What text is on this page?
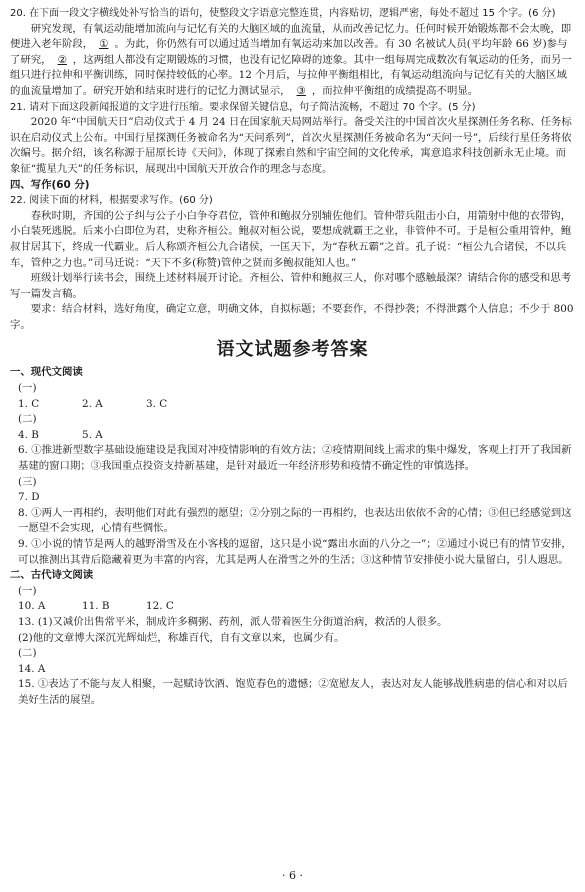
20. 在下面一段文字横线处补写恰当的语句，使整段文字语意完整连贯，内容贴切，逻辑严密，每处不超过 15 个字。(6 分)

研究发现，有氧运动能增加流向与记忆有关的大脑区域的血流量，从而改善记忆力。任何时候开始锻炼都不会太晚，即便进入老年阶段， ① 。为此，你仍然有可以通过适当增加有氧运动来加以改善。有 30 名被试人员(平均年龄 66 岁)参与了研究， ② ，这两组人都没有定期锻炼的习惯，也没有记忆障碍的迹象。其中一组每周完成数次有氧运动的任务，而另一组只进行拉伸和平衡训练，同时保持较低的心率。12 个月后，与拉伸平衡组相比，有氧运动组流向与记忆有关的大脑区域的血流量增加了。研究开始和结束时进行的记忆力测试显示， ③ ，而拉伸平衡组的成绩提高不明显。

21. 请对下面这段新闻报道的文字进行压缩。要求保留关键信息，句子简洁流畅，不超过 70 个字。(5 分)

2020 年“中国航天日”启动仪式于 4 月 24 日在国家航天局网站举行。备受关注的中国首次火星探测任务名称、任务标识在启动仪式上公布。中国行星探测任务被命名为“天问系列”，首次火星探测任务被命名为“天问一号”，后续行星任务将依次编号。据介绍，该名称源于屈原长诗《天问》，体现了探索自然和宇宙空间的文化传承，寓意追求科技创新永无止境。而象征“揽星九天”的任务标识，展现出中国航天开放合作的理念与态度。

四、写作(60 分)

22. 阅读下面的材料，根据要求写作。(60 分)

春秋时期，齐国的公子纠与公子小白争夺君位，管仲和鲍叔分别辅佐他们。管仲带兵阻击小白，用箭射中他的衣带钩，小白装死逃脱。后来小白即位为君，史称齐桓公。鲍叔对桓公说，要想成就霸王之业，非管仲不可。于是桓公重用管仲，鲍叔甘居其下，终成一代霸业。后人称颂齐桓公九合诸侯，一匡天下，为“春秋五霸”之首。孔子说：“桓公九合诸侯，不以兵车，管仲之力也。”司马迁说：“天下不多(称赞)管仲之贤而多鲍叔能知人也。”

班级计划举行读书会，围绕上述材料展开讨论。齐桓公、管仲和鲍叔三人，你对哪个感触最深？请结合你的感受和思考写一篇发言稿。

要求：结合材料，选好角度，确定立意，明确文体，自拟标题；不要套作，不得抄袭；不得泄露个人信息；不少于 800 字。

语文试题参考答案

一、现代文阅读

(一)

1. C	2. A	3. C

(二)

4. B	5. A

6. ①推进新型数字基础设施建设是我国对冲疫情影响的有效方法；②疫情期间线上需求的集中爆发，客观上打开了我国新基建的窗口期；③我国重点投资支持新基建，是针对最近一年经济形势和疫情不确定性的审慎选择。

(三)

7. D

8. ①两人一再相约，表明他们对此有强烈的愿望；②分别之际的一再相约，也表达出依依不舍的心情；③但已经感觉到这一愿望不会实现，心情有些惆怅。

9. ①小说的情节是两人的越野滑雪及在小客栈的逗留，这只是小说“露出水面的八分之一”；②通过小说已有的情节安排，可以推测出其背后隐藏着更为丰富的内容，尤其是两人在滑雪之外的生活；③这种情节安排使小说大量留白，引人遐思。

二、古代诗文阅读

(一)

10. A	11. B	12. C

13. (1)又减价出售常平米，制成许多稠粥、药剂，派人带着医生分街道治病，救活的人很多。

(2)他的文章博大深沉光辉灿烂，称雄百代，自有文章以来，也属少有。

(二)

14. A

15. ①表达了不能与友人相聚，一起赋诗饮酒、饱览春色的遗憾；②宽慰友人，表达对友人能够战胜病患的信心和对以后美好生活的展望。

· 6 ·
